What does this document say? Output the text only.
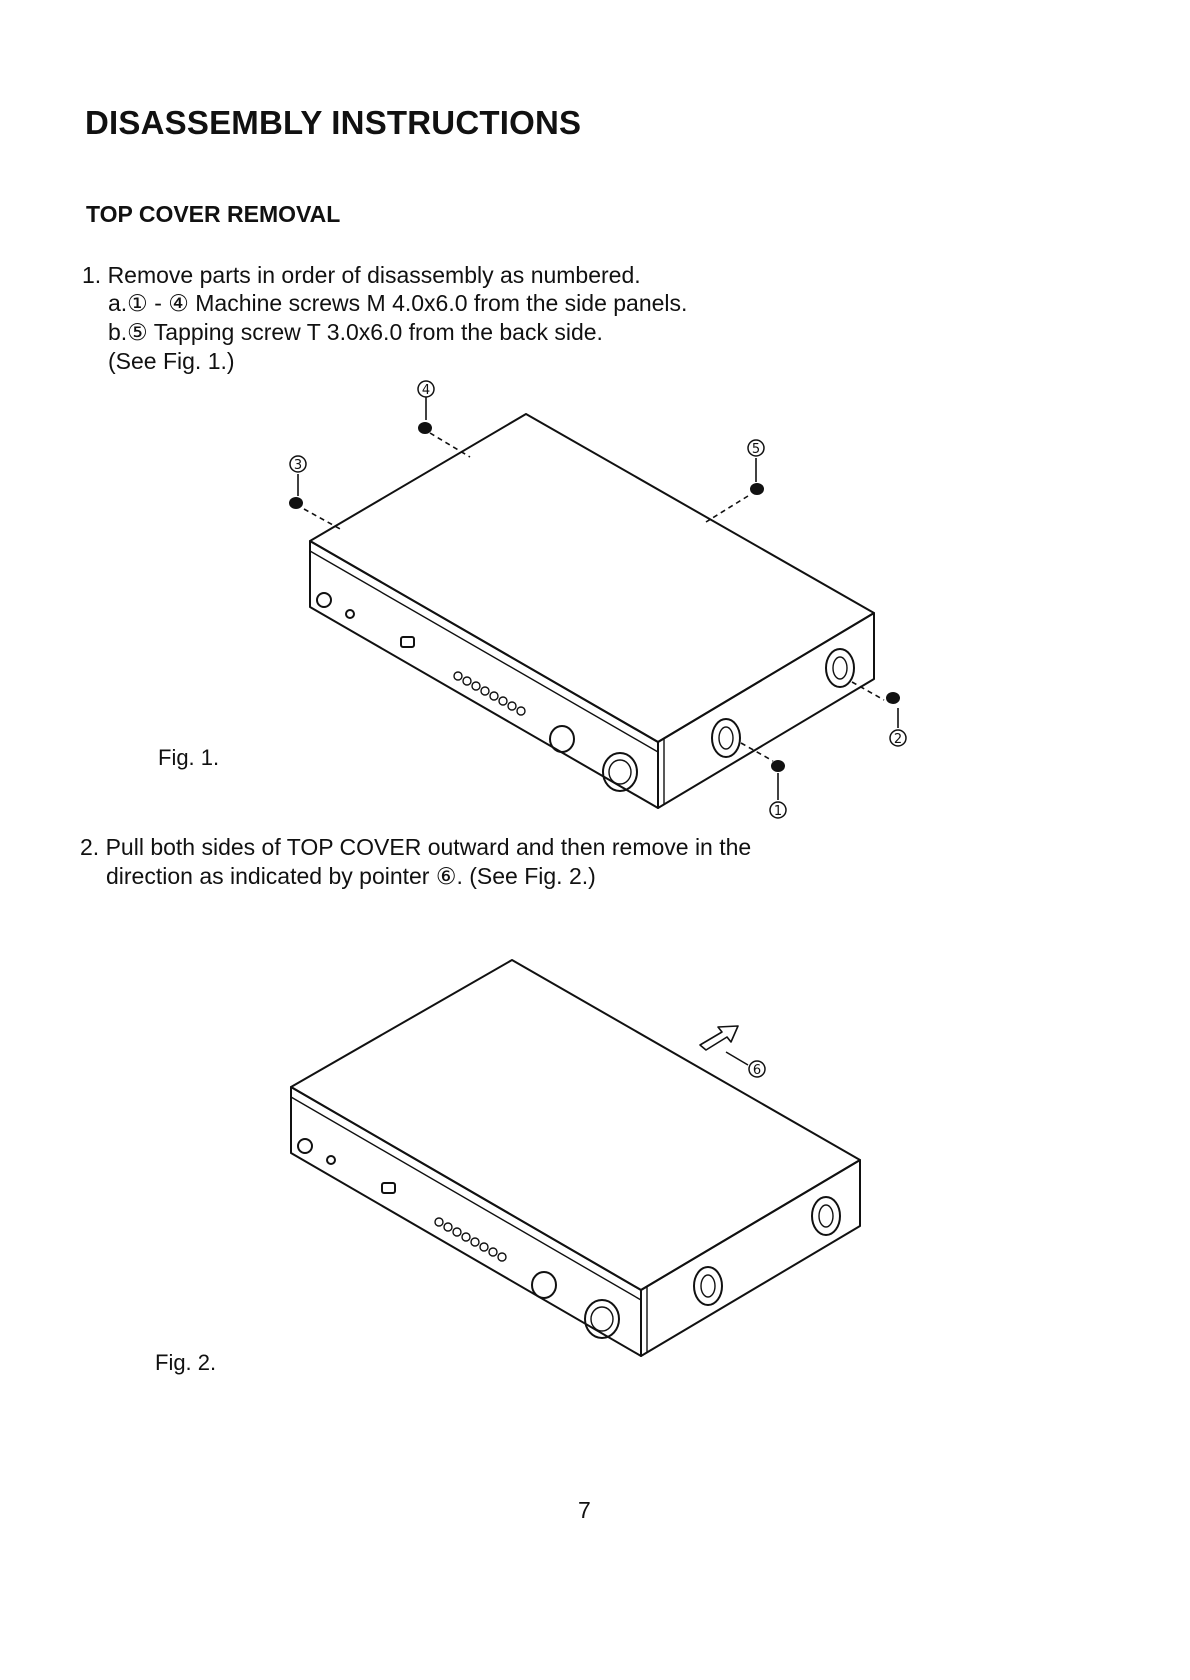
DISASSEMBLY INSTRUCTIONS
TOP COVER REMOVAL
1. Remove parts in order of disassembly as numbered.
a.① - ④ Machine screws M 4.0x6.0 from the side panels.
b.⑤ Tapping screw T 3.0x6.0 from the back side.
(See Fig. 1.)
4
3
5
2
1
6
Fig. 1.
2. Pull both sides of TOP COVER outward and then remove in the
direction as indicated by pointer ⑥. (See Fig. 2.)
Fig. 2.
7
